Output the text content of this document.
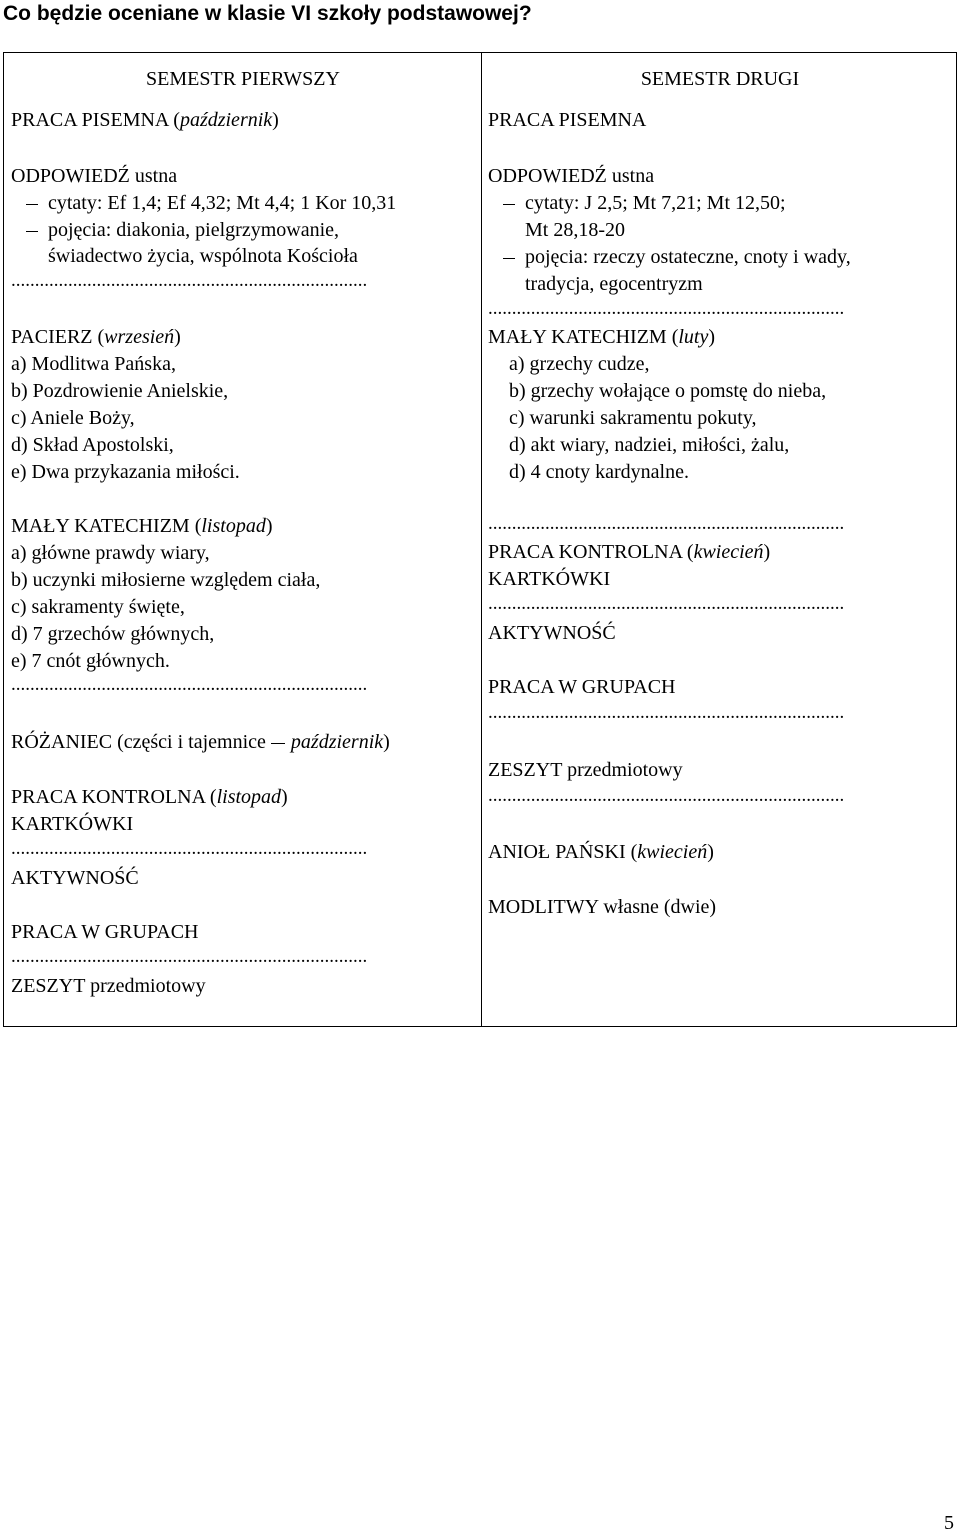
Co będzie oceniane w klasie VI szkoły podstawowej?
SEMESTR PIERWSZY
PRACA PISEMNA (październik)
ODPOWIEDŹ ustna
cytaty: Ef 1,4; Ef 4,32; Mt 4,4; 1 Kor 10,31
pojęcia: diakonia, pielgrzymowanie,
świadectwo życia, wspólnota Kościoła
...........................................................................
PACIERZ (wrzesień)
a) Modlitwa Pańska,
b) Pozdrowienie Anielskie,
c) Aniele Boży,
d) Skład Apostolski,
e) Dwa przykazania miłości.
MAŁY KATECHIZM (listopad)
a) główne prawdy wiary,
b) uczynki miłosierne względem ciała,
c) sakramenty święte,
d) 7 grzechów głównych,
e) 7 cnót głównych.
...........................................................................
RÓŻANIEC (części i tajemnice październik)
PRACA KONTROLNA (listopad)
KARTKÓWKI
...........................................................................
AKTYWNOŚĆ
PRACA W GRUPACH
...........................................................................
ZESZYT przedmiotowy
SEMESTR DRUGI
PRACA PISEMNA
ODPOWIEDŹ ustna
cytaty: J 2,5; Mt 7,21; Mt 12,50;
Mt 28,18-20
pojęcia: rzeczy ostateczne, cnoty i wady,
tradycja, egocentryzm
...........................................................................
MAŁY KATECHIZM (luty)
a) grzechy cudze,
b) grzechy wołające o pomstę do nieba,
c) warunki sakramentu pokuty,
d) akt wiary, nadziei, miłości, żalu,
d) 4 cnoty kardynalne.
...........................................................................
PRACA KONTROLNA (kwiecień)
KARTKÓWKI
...........................................................................
AKTYWNOŚĆ
PRACA W GRUPACH
...........................................................................
ZESZYT przedmiotowy
...........................................................................
ANIOŁ PAŃSKI (kwiecień)
MODLITWY własne (dwie)
5
